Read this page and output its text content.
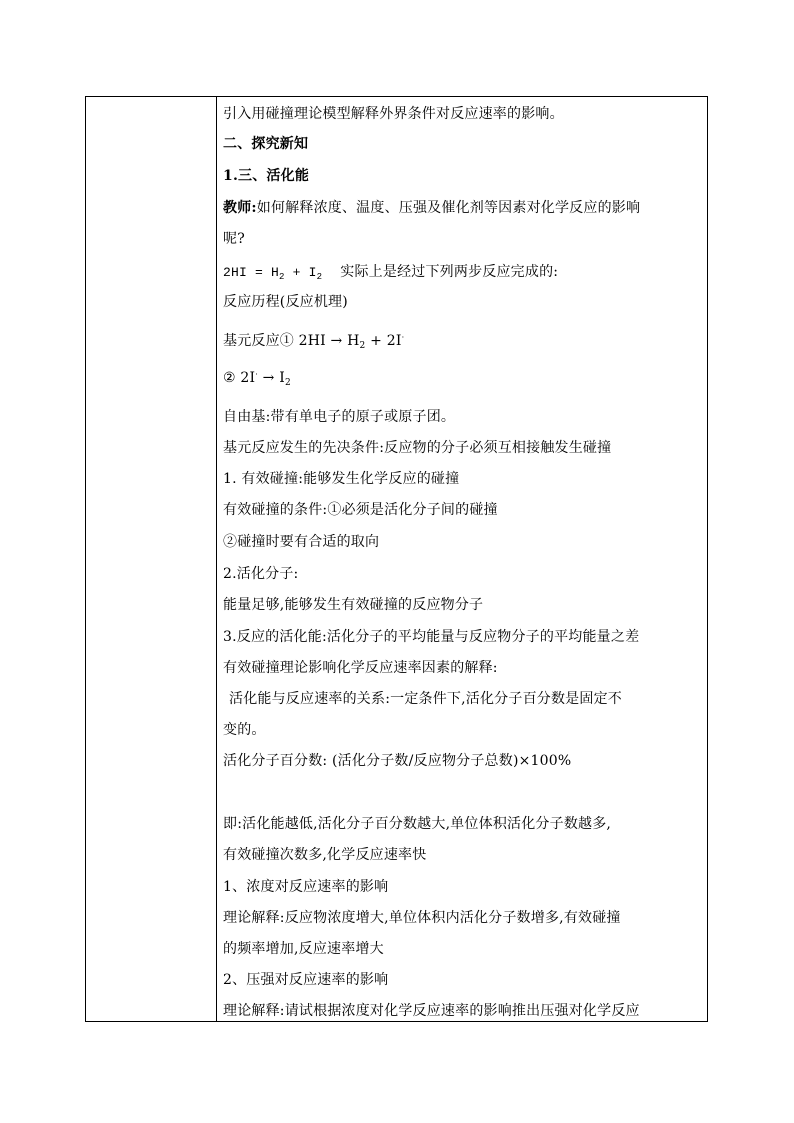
引入用碰撞理论模型解释外界条件对反应速率的影响。
二、探究新知
1.三、活化能
教师:如何解释浓度、温度、压强及催化剂等因素对化学反应的影响
呢?
$2HI = H_2 + I_2$ 实际上是经过下列两步反应完成的:
反应历程(反应机理)
基元反应① $2HI \to H_2 + 2I^\cdot$
② $2I^\cdot \to I_2$
自由基:带有单电子的原子或原子团。
基元反应发生的先决条件:反应物的分子必须互相接触发生碰撞
1. 有效碰撞:能够发生化学反应的碰撞
有效碰撞的条件:①必须是活化分子间的碰撞
②碰撞时要有合适的取向
2.活化分子:
能量足够,能够发生有效碰撞的反应物分子
3.反应的活化能:活化分子的平均能量与反应物分子的平均能量之差
有效碰撞理论影响化学反应速率因素的解释:
活化能与反应速率的关系:一定条件下,活化分子百分数是固定不
变的。
活化分子百分数: (活化分子数/反应物分子总数)×100%
即:活化能越低,活化分子百分数越大,单位体积活化分子数越多,
有效碰撞次数多,化学反应速率快
1、浓度对反应速率的影响
理论解释:反应物浓度增大,单位体积内活化分子数增多,有效碰撞
的频率增加,反应速率增大
2、压强对反应速率的影响
理论解释:请试根据浓度对化学反应速率的影响推出压强对化学反应
